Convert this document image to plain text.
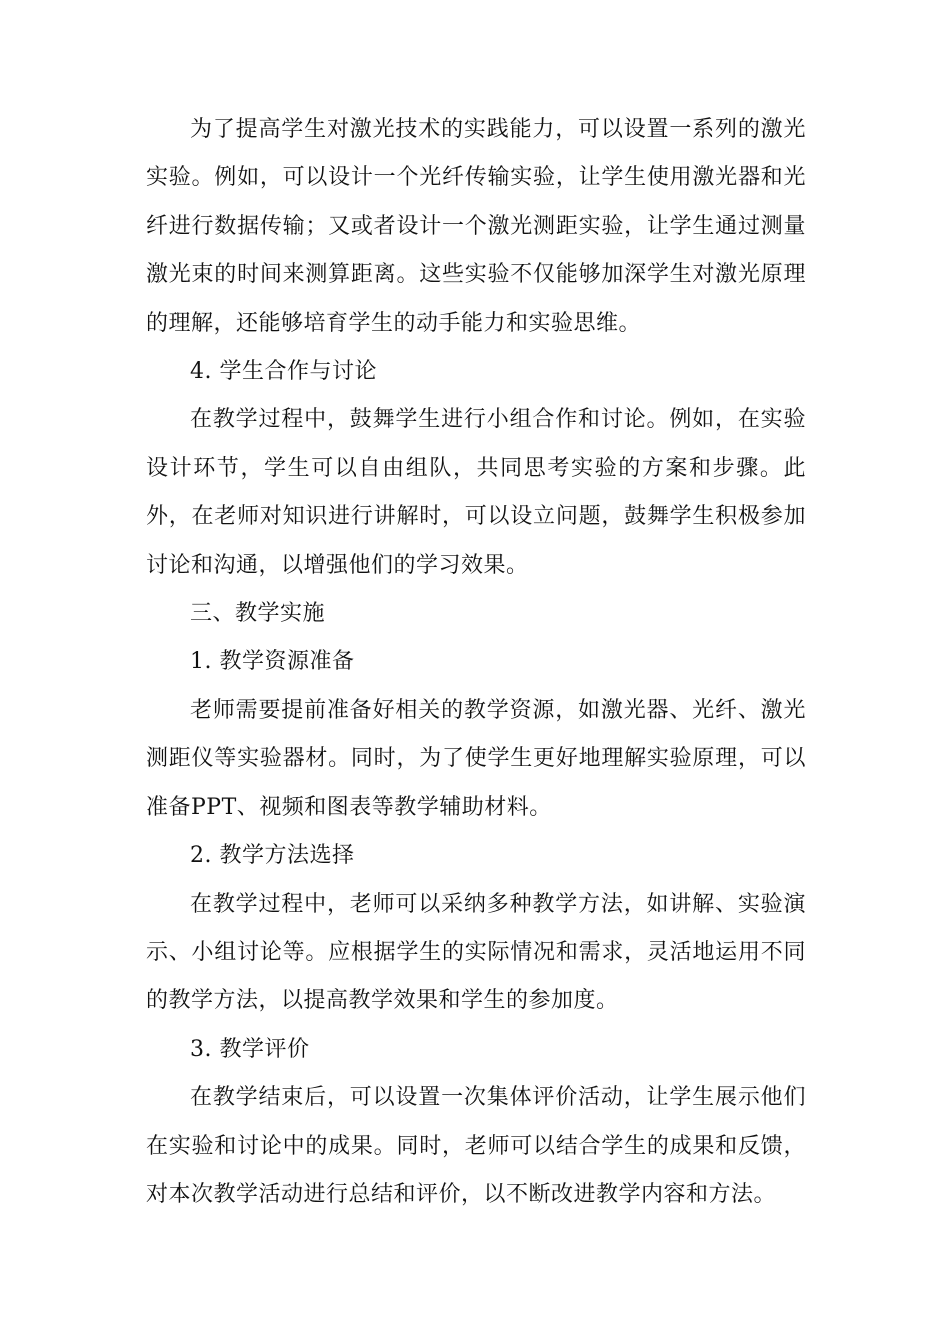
为了提高学生对激光技术的实践能力，可以设置一系列的激光实验。例如，可以设计一个光纤传输实验，让学生使用激光器和光纤进行数据传输；又或者设计一个激光测距实验，让学生通过测量激光束的时间来测算距离。这些实验不仅能够加深学生对激光原理的理解，还能够培育学生的动手能力和实验思维。

4. 学生合作与讨论

在教学过程中，鼓舞学生进行小组合作和讨论。例如，在实验设计环节，学生可以自由组队，共同思考实验的方案和步骤。此外，在老师对知识进行讲解时，可以设立问题，鼓舞学生积极参加讨论和沟通，以增强他们的学习效果。

三、教学实施

1. 教学资源准备

老师需要提前准备好相关的教学资源，如激光器、光纤、激光测距仪等实验器材。同时，为了使学生更好地理解实验原理，可以准备PPT、视频和图表等教学辅助材料。

2. 教学方法选择

在教学过程中，老师可以采纳多种教学方法，如讲解、实验演示、小组讨论等。应根据学生的实际情况和需求，灵活地运用不同的教学方法，以提高教学效果和学生的参加度。

3. 教学评价

在教学结束后，可以设置一次集体评价活动，让学生展示他们在实验和讨论中的成果。同时，老师可以结合学生的成果和反馈，对本次教学活动进行总结和评价，以不断改进教学内容和方法。
